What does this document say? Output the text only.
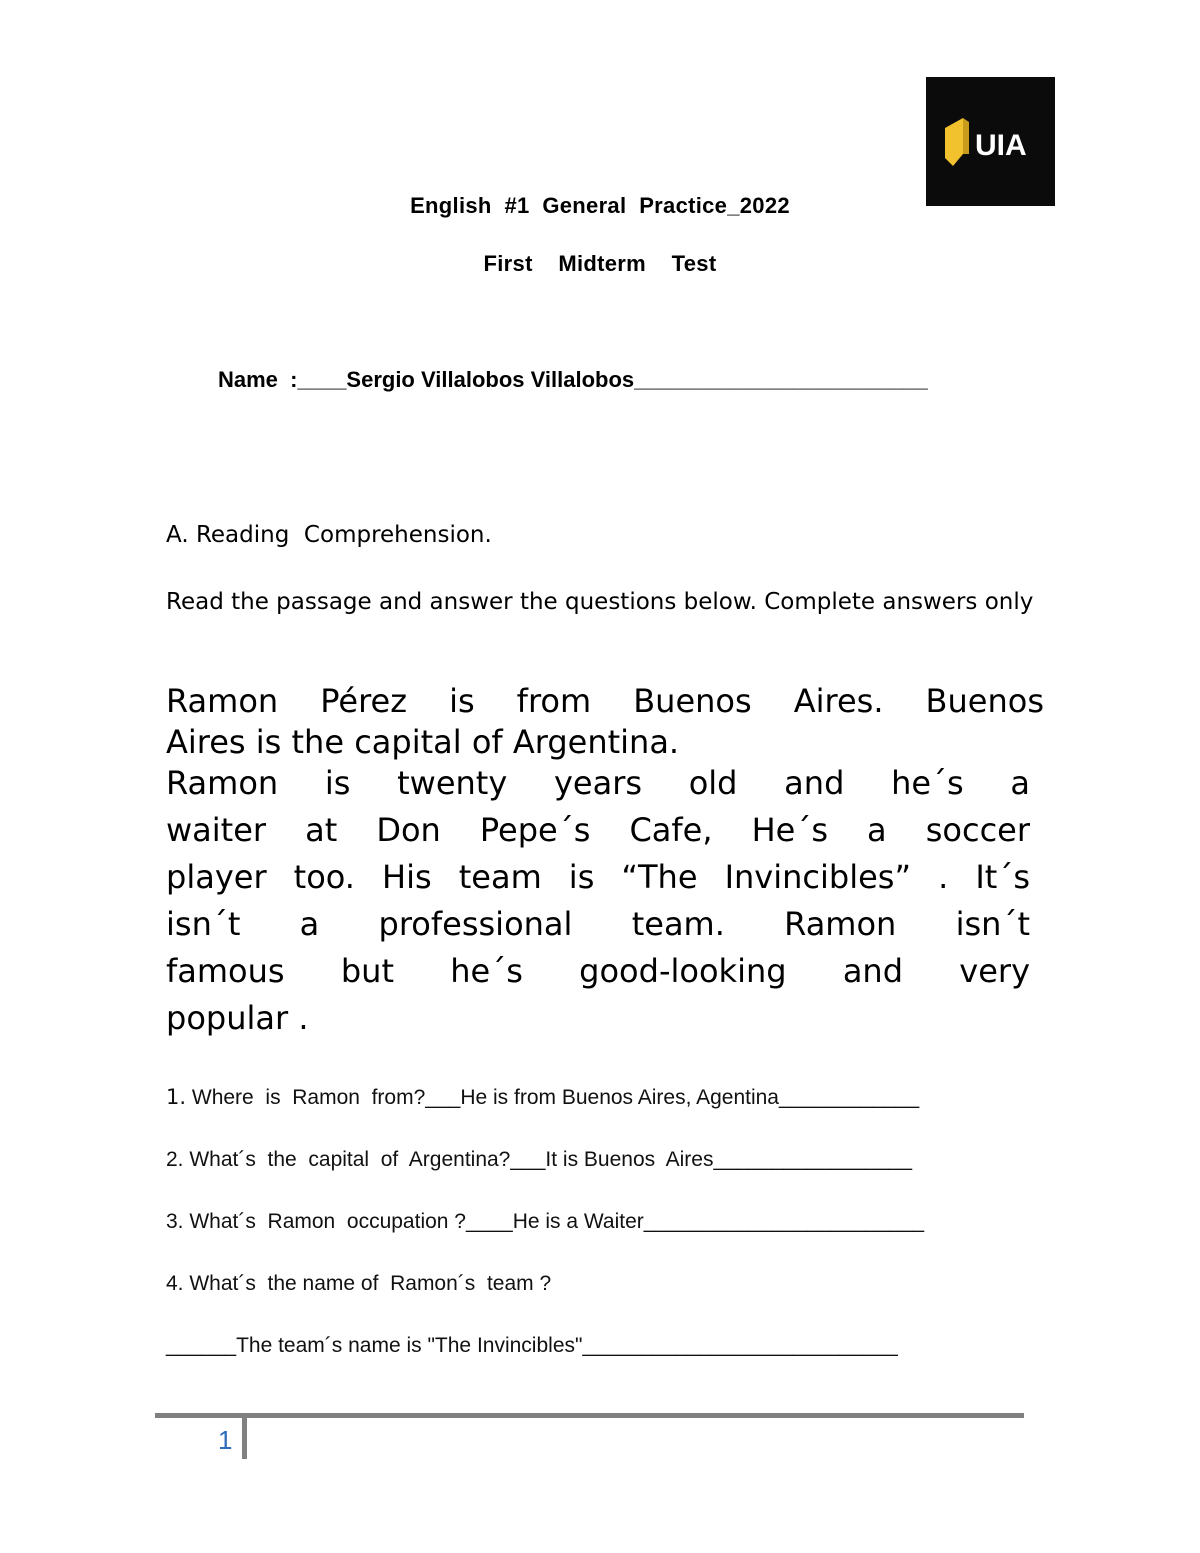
UIA
English  #1  General  Practice_2022
First    Midterm    Test
Name  :____Sergio Villalobos Villalobos________________________
A. Reading  Comprehension.
Read the passage and answer the questions below. Complete answers only
Ramon Pérez is from Buenos Aires. Buenos
Aires is the capital of Argentina.
Ramon is twenty years old and he´s a
waiter at Don Pepe´s Cafe, He´s a soccer
player too. His team is “The Invincibles” . It´s
isn´t a professional team. Ramon isn´t
famous but he´s good-looking and very
popular .
1. Where  is  Ramon  from?___He is from Buenos Aires, Agentina____________
2. What´s  the  capital  of  Argentina?___It is Buenos  Aires_________________
3. What´s  Ramon  occupation ?____He is a Waiter________________________
4. What´s  the name of  Ramon´s  team ?
______The team´s name is "The Invincibles"___________________________
1
